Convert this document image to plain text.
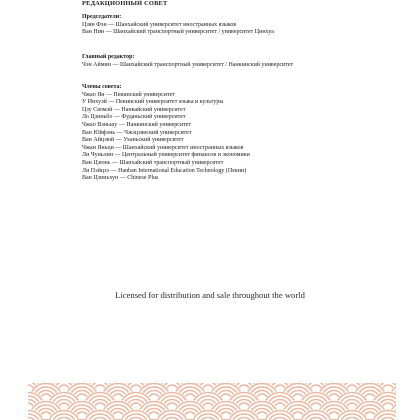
РЕДАКЦИОННЫЙ СОВЕТ

Председатели:

Цзян Фэн — Шанхайский университет иностранных языков

Ван Нин — Шанхайский транспортный университет / университет Цинхуа

Главный редактор:

Чэн Аймин — Шанхайский транспортный университет / Нанкинский университет

Члены совета:

Чжао Ян — Пекинский университет

У Инхуэй — Пекинский университет языка и культуры

Цзу Сяомэй — Нанкайский университет

Ло Цзиньбо — Фуданьский университет

Чжао Вэньшу — Нанкинский университет

Ван Юйфэнь — Чжэцзянский университет

Ван Айцзюй — Уханьский университет

Чжан Яньци — Шанхайский университет иностранных языков

Ли Чуньлин — Центральный университет финансов и экономики

Ван Цзюнь — Шанхайский транспортный университет

Ли Пэйцзэ — Hanban International Education Technology (Пекин)

Ван Цзиньхун — Chinese Plus

Licensed for distribution and sale throughout the world
